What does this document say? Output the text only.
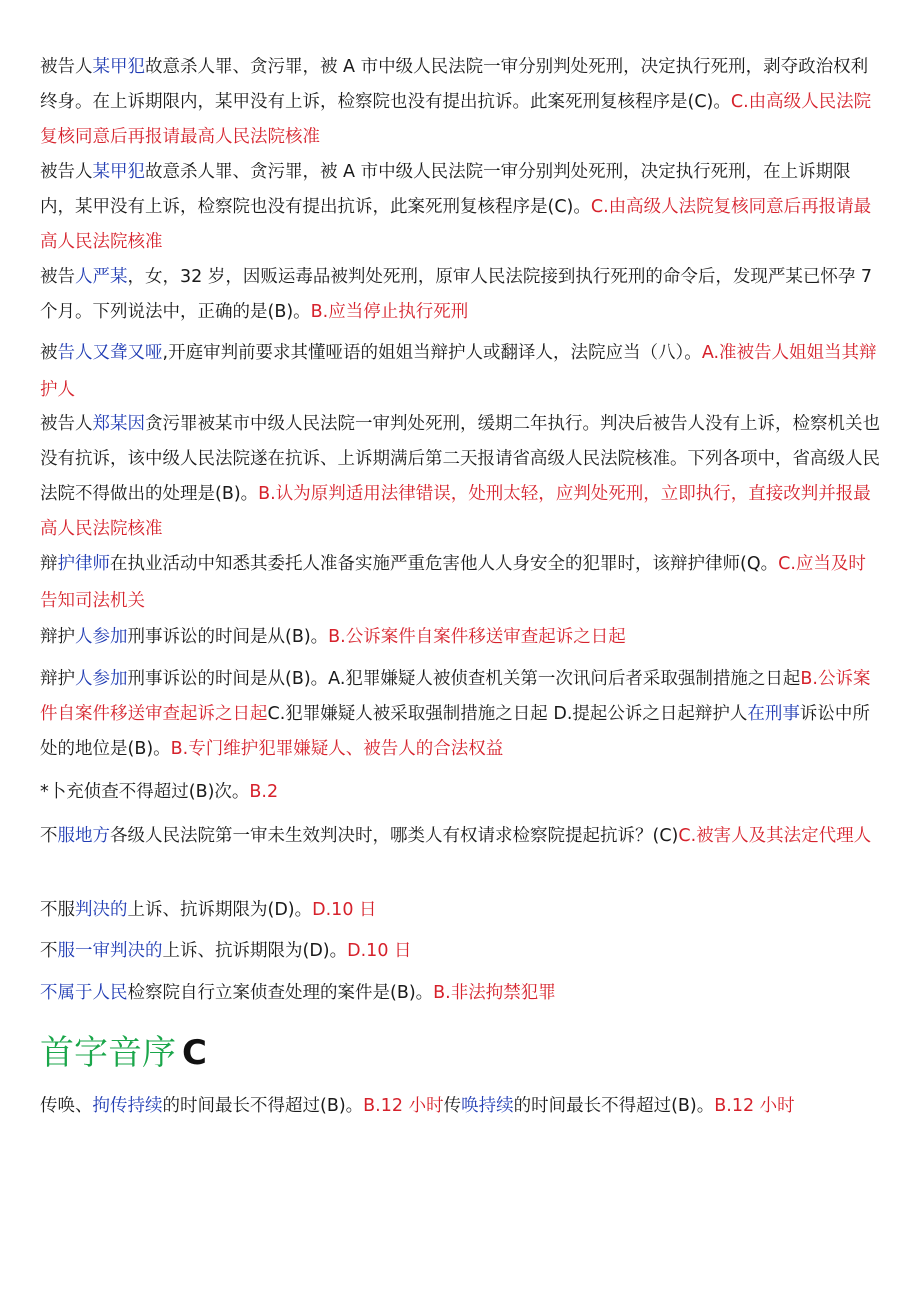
被告人某甲犯故意杀人罪、贪污罪，被 A 市中级人民法院一审分别判处死刑，决定执行死刑，剥夺政治权利终身。在上诉期限内，某甲没有上诉，检察院也没有提出抗诉。此案死刑复核程序是(C)。C.由高级人民法院复核同意后再报请最高人民法院核准

被告人某甲犯故意杀人罪、贪污罪，被 A 市中级人民法院一审分别判处死刑，决定执行死刑，在上诉期限内，某甲没有上诉，检察院也没有提出抗诉，此案死刑复核程序是(C)。C.由高级人法院复核同意后再报请最高人民法院核准

被告人严某，女，32 岁，因贩运毒品被判处死刑，原审人民法院接到执行死刑的命令后，发现严某已怀孕 7 个月。下列说法中，正确的是(B)。B.应当停止执行死刑

被告人又聋又哑,开庭审判前要求其懂哑语的姐姐当辩护人或翻译人，法院应当（八）。A.准被告人姐姐当其辩护人

被告人郑某因贪污罪被某市中级人民法院一审判处死刑，缓期二年执行。判决后被告人没有上诉，检察机关也没有抗诉，该中级人民法院遂在抗诉、上诉期满后第二天报请省高级人民法院核准。下列各项中，省高级人民法院不得做出的处理是(B)。B.认为原判适用法律错误，处刑太轻，应判处死刑，立即执行，直接改判并报最高人民法院核准

辩护律师在执业活动中知悉其委托人准备实施严重危害他人人身安全的犯罪时，该辩护律师(Q。C.应当及时告知司法机关

辩护人参加刑事诉讼的时间是从(B)。B.公诉案件自案件移送审查起诉之日起

辩护人参加刑事诉讼的时间是从(B)。A.犯罪嫌疑人被侦查机关第一次讯问后者采取强制措施之日起B.公诉案件自案件移送审查起诉之日起C.犯罪嫌疑人被采取强制措施之日起 D.提起公诉之日起辩护人在刑事诉讼中所处的地位是(B)。B.专门维护犯罪嫌疑人、被告人的合法权益

*卜充侦查不得超过(B)次。B.2

不服地方各级人民法院第一审未生效判决时，哪类人有权请求检察院提起抗诉？(C)C.被害人及其法定代理人

不服判决的上诉、抗诉期限为(D)。D.10 日

不服一审判决的上诉、抗诉期限为(D)。D.10 日

不属于人民检察院自行立案侦查处理的案件是(B)。B.非法拘禁犯罪

首字音序 C

传唤、拘传持续的时间最长不得超过(B)。B.12 小时传唤持续的时间最长不得超过(B)。B.12 小时
